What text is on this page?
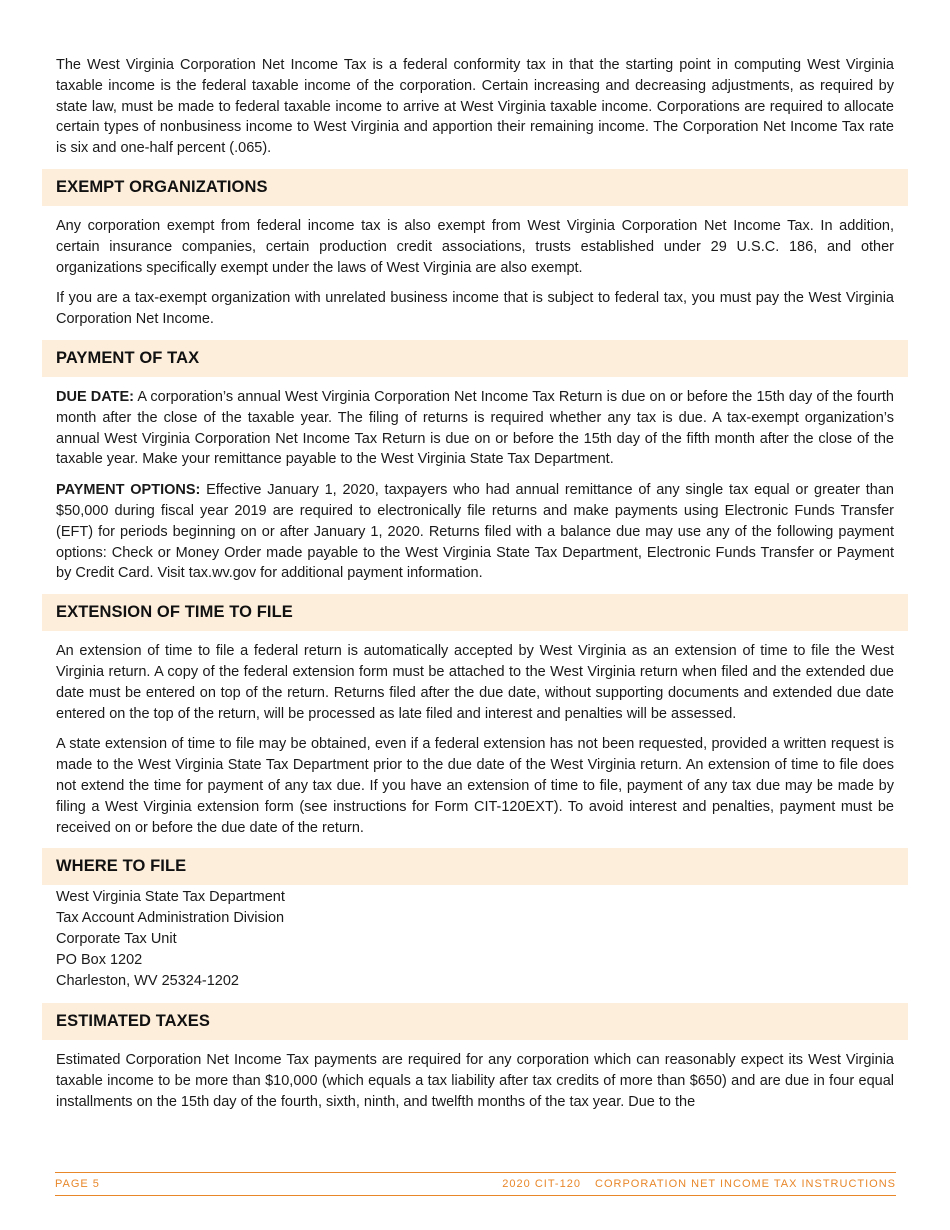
The West Virginia Corporation Net Income Tax is a federal conformity tax in that the starting point in computing West Virginia taxable income is the federal taxable income of the corporation. Certain increasing and decreasing adjustments, as required by state law, must be made to federal taxable income to arrive at West Virginia taxable income. Corporations are required to allocate certain types of nonbusiness income to West Virginia and apportion their remaining income. The Corporation Net Income Tax rate is six and one-half percent (.065).

EXEMPT ORGANIZATIONS

Any corporation exempt from federal income tax is also exempt from West Virginia Corporation Net Income Tax. In addition, certain insurance companies, certain production credit associations, trusts established under 29 U.S.C. 186, and other organizations specifically exempt under the laws of West Virginia are also exempt.

If you are a tax-exempt organization with unrelated business income that is subject to federal tax, you must pay the West Virginia Corporation Net Income.

PAYMENT OF TAX

DUE DATE: A corporation’s annual West Virginia Corporation Net Income Tax Return is due on or before the 15th day of the fourth month after the close of the taxable year. The filing of returns is required whether any tax is due. A tax-exempt organization’s annual West Virginia Corporation Net Income Tax Return is due on or before the 15th day of the fifth month after the close of the taxable year. Make your remittance payable to the West Virginia State Tax Department.

PAYMENT OPTIONS: Effective January 1, 2020, taxpayers who had annual remittance of any single tax equal or greater than $50,000 during fiscal year 2019 are required to electronically file returns and make payments using Electronic Funds Transfer (EFT) for periods beginning on or after January 1, 2020. Returns filed with a balance due may use any of the following payment options: Check or Money Order made payable to the West Virginia State Tax Department, Electronic Funds Transfer or Payment by Credit Card. Visit tax.wv.gov for additional payment information.

EXTENSION OF TIME TO FILE

An extension of time to file a federal return is automatically accepted by West Virginia as an extension of time to file the West Virginia return. A copy of the federal extension form must be attached to the West Virginia return when filed and the extended due date must be entered on top of the return. Returns filed after the due date, without supporting documents and extended due date entered on the top of the return, will be processed as late filed and interest and penalties will be assessed.

A state extension of time to file may be obtained, even if a federal extension has not been requested, provided a written request is made to the West Virginia State Tax Department prior to the due date of the West Virginia return. An extension of time to file does not extend the time for payment of any tax due. If you have an extension of time to file, payment of any tax due may be made by filing a West Virginia extension form (see instructions for Form CIT-120EXT). To avoid interest and penalties, payment must be received on or before the due date of the return.

WHERE TO FILE
West Virginia State Tax Department
Tax Account Administration Division
Corporate Tax Unit
PO Box 1202
Charleston, WV 25324-1202
ESTIMATED TAXES

Estimated Corporation Net Income Tax payments are required for any corporation which can reasonably expect its West Virginia taxable income to be more than $10,000 (which equals a tax liability after tax credits of more than $650) and are due in four equal installments on the 15th day of the fourth, sixth, ninth, and twelfth months of the tax year. Due to the

PAGE 5	2020 CIT-120 CORPORATION NET INCOME TAX INSTRUCTIONS
